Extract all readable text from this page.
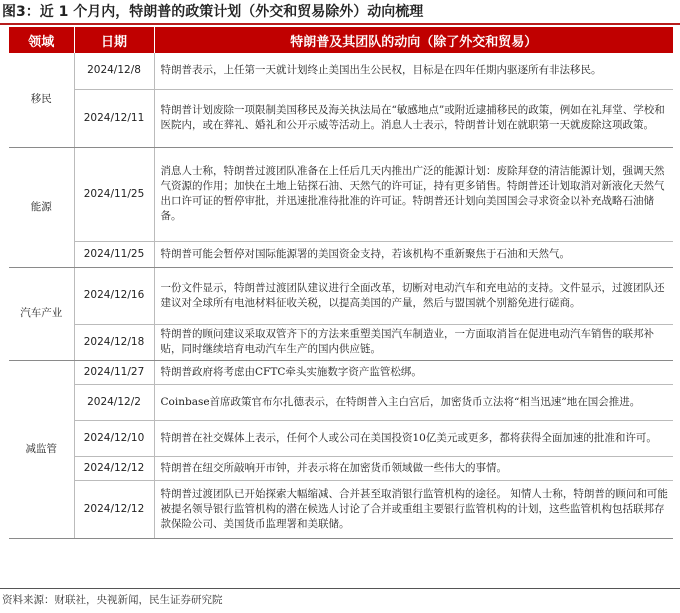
图3：近 1 个月内，特朗普的政策计划（外交和贸易除外）动向梳理
领域	日期	特朗普及其团队的动向（除了外交和贸易）
移民	2024/12/8	特朗普表示，上任第一天就计划终止美国出生公民权，目标是在四年任期内驱逐所有非法移民。
	2024/12/11	特朗普计划废除一项限制美国移民及海关执法局在“敏感地点”或附近逮捕移民的政策，例如在礼拜堂、学校和医院内，或在葬礼、婚礼和公开示威等活动上。消息人士表示，特朗普计划在就职第一天就废除这项政策。
能源	2024/11/25	消息人士称，特朗普过渡团队准备在上任后几天内推出广泛的能源计划：废除拜登的清洁能源计划，强调天然气资源的作用；加快在土地上钻探石油、天然气的许可证，持有更多销售。特朗普还计划取消对新液化天然气出口许可证的暂停审批，并迅速批准待批准的许可证。特朗普还计划向美国国会寻求资金以补充战略石油储备。
	2024/11/25	特朗普可能会暂停对国际能源署的美国资金支持，若该机构不重新聚焦于石油和天然气。
汽车产业	2024/12/16	一份文件显示，特朗普过渡团队建议进行全面改革，切断对电动汽车和充电站的支持。文件显示，过渡团队还建议对全球所有电池材料征收关税，以提高美国的产量，然后与盟国就个别豁免进行磋商。
	2024/12/18	特朗普的顾问建议采取双管齐下的方法来重塑美国汽车制造业，一方面取消旨在促进电动汽车销售的联邦补贴，同时继续培育电动汽车生产的国内供应链。
减监管	2024/11/27	特朗普政府将考虑由CFTC牵头实施数字资产监管松绑。
	2024/12/2	Coinbase首席政策官布尔扎德表示，在特朗普入主白宫后，加密货币立法将“相当迅速”地在国会推进。
	2024/12/10	特朗普在社交媒体上表示，任何个人或公司在美国投资10亿美元或更多，都将获得全面加速的批准和许可。
	2024/12/12	特朗普在纽交所敲响开市钟，并表示将在加密货币领域做一些伟大的事情。
	2024/12/12	特朗普过渡团队已开始探索大幅缩减、合并甚至取消银行监管机构的途径。 知情人士称，特朗普的顾问和可能被提名领导银行监管机构的潜在候选人讨论了合并或重组主要银行监管机构的计划，这些监管机构包括联邦存款保险公司、美国货币监理署和美联储。
资料来源：财联社，央视新闻，民生证券研究院
